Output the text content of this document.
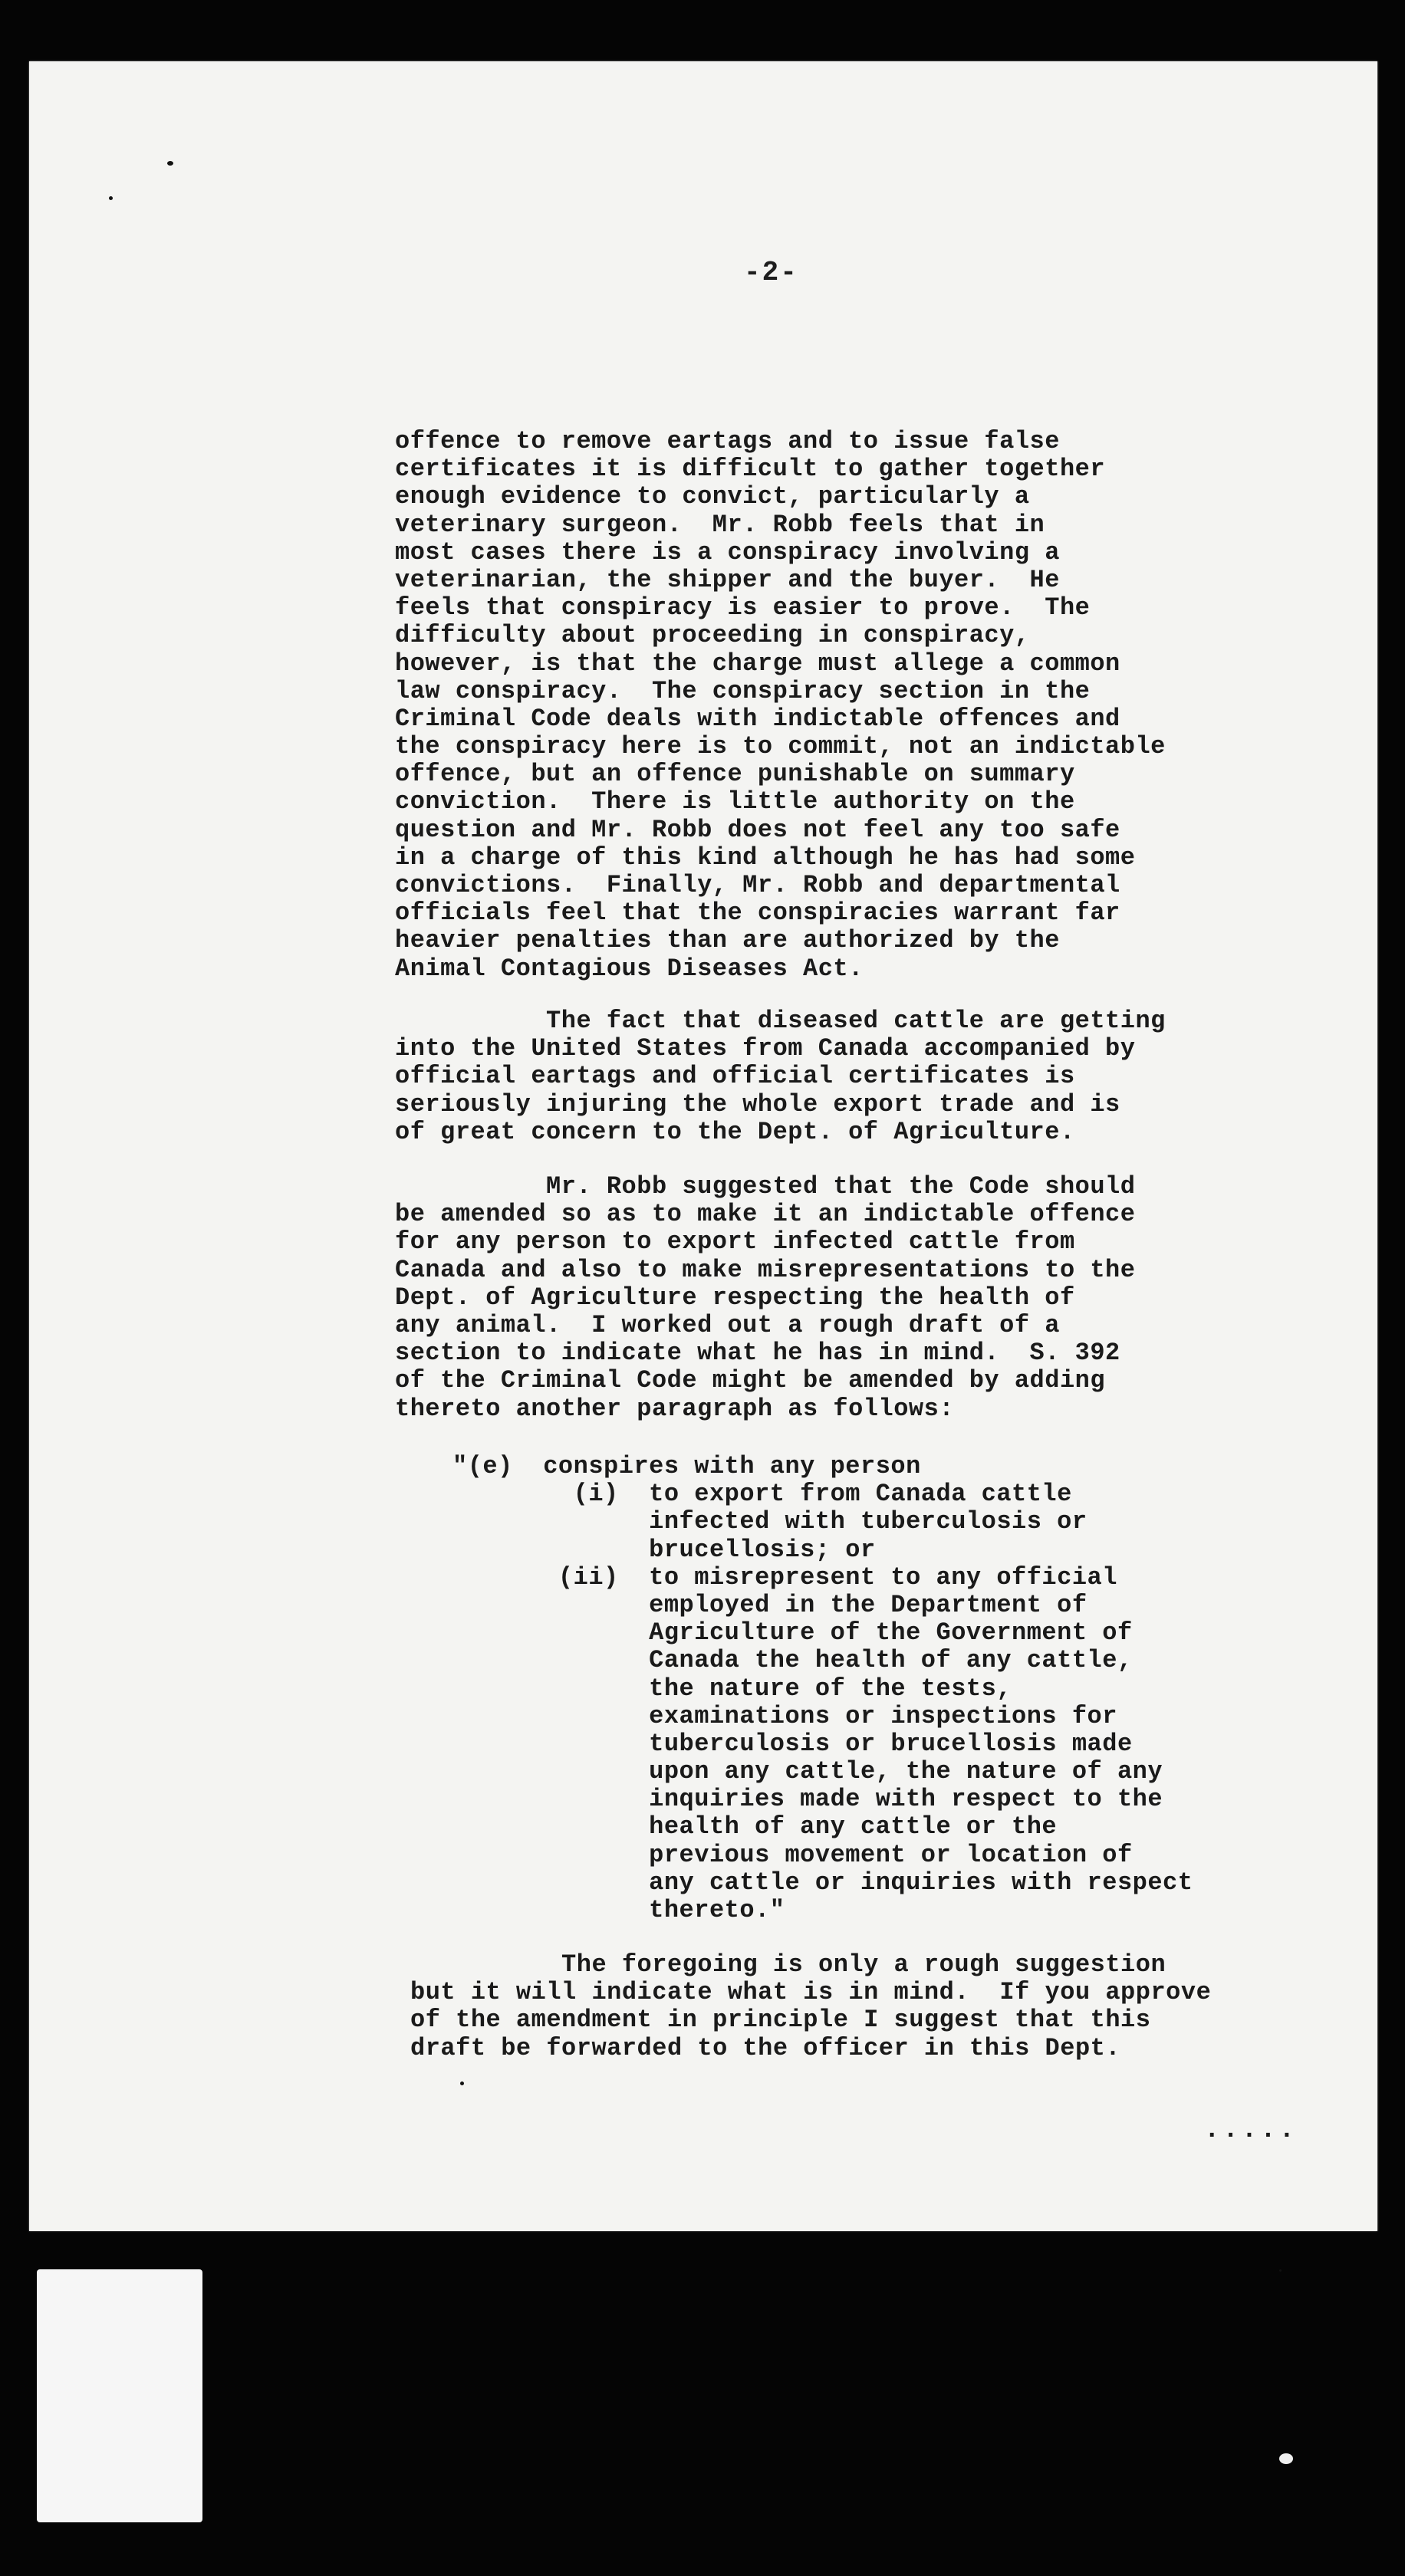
-2-
offence to remove eartags and to issue false
certificates it is difficult to gather together
enough evidence to convict, particularly a
veterinary surgeon.  Mr. Robb feels that in
most cases there is a conspiracy involving a
veterinarian, the shipper and the buyer.  He
feels that conspiracy is easier to prove.  The
difficulty about proceeding in conspiracy,
however, is that the charge must allege a common
law conspiracy.  The conspiracy section in the
Criminal Code deals with indictable offences and
the conspiracy here is to commit, not an indictable
offence, but an offence punishable on summary
conviction.  There is little authority on the
question and Mr. Robb does not feel any too safe
in a charge of this kind although he has had some
convictions.  Finally, Mr. Robb and departmental
officials feel that the conspiracies warrant far
heavier penalties than are authorized by the
Animal Contagious Diseases Act.
The fact that diseased cattle are getting
into the United States from Canada accompanied by
official eartags and official certificates is
seriously injuring the whole export trade and is
of great concern to the Dept. of Agriculture.
Mr. Robb suggested that the Code should
be amended so as to make it an indictable offence
for any person to export infected cattle from
Canada and also to make misrepresentations to the
Dept. of Agriculture respecting the health of
any animal.  I worked out a rough draft of a
section to indicate what he has in mind.  S. 392
of the Criminal Code might be amended by adding
thereto another paragraph as follows:
"(e)  conspires with any person
(i)  to export from Canada cattle
infected with tuberculosis or
brucellosis; or
(ii)  to misrepresent to any official
employed in the Department of
Agriculture of the Government of
Canada the health of any cattle,
the nature of the tests,
examinations or inspections for
tuberculosis or brucellosis made
upon any cattle, the nature of any
inquiries made with respect to the
health of any cattle or the
previous movement or location of
any cattle or inquiries with respect
thereto."
The foregoing is only a rough suggestion
but it will indicate what is in mind.  If you approve
of the amendment in principle I suggest that this
draft be forwarded to the officer in this Dept.
.....
